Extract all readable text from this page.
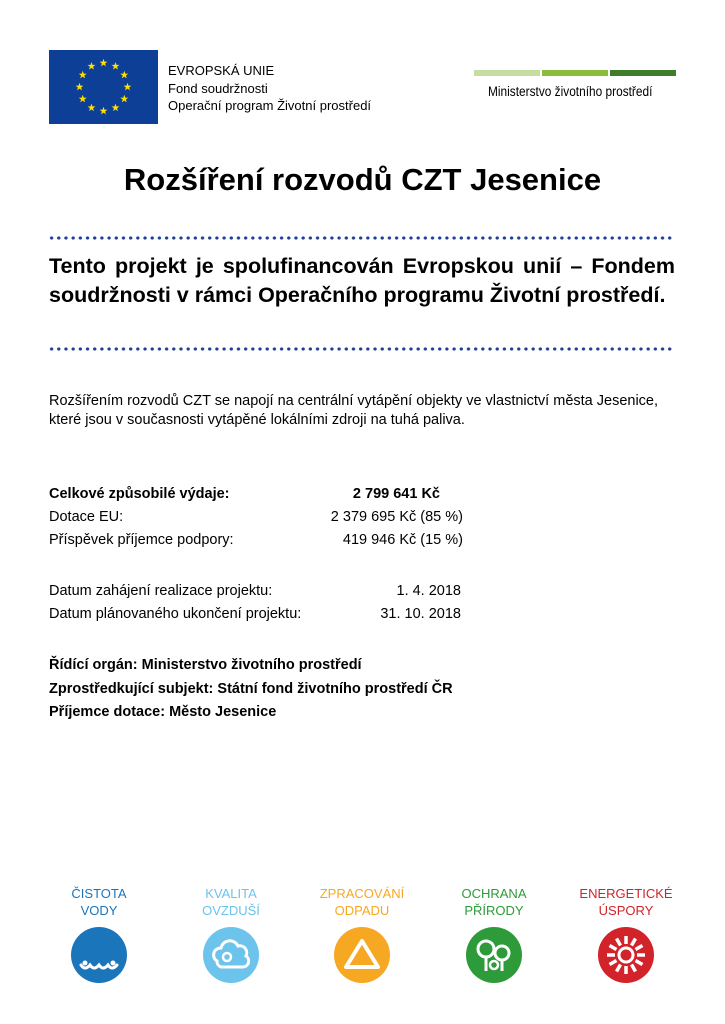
EVROPSKÁ UNIE
Fond soudržnosti
Operační program Životní prostředí
Ministerstvo životního prostředí
Rozšíření rozvodů CZT Jesenice
Tento projekt je spolufinancován Evropskou unií – Fondem soudržnosti v rámci Operačního programu Životní prostředí.
Rozšířením rozvodů CZT se napojí na centrální vytápění objekty ve vlastnictví města Jesenice, které jsou v současnosti vytápěné lokálními zdroji na tuhá paliva.
Celkové způsobilé výdaje:	2 799 641 Kč
Dotace EU:	2 379 695 Kč (85 %)
Příspěvek příjemce podpory:	419 946 Kč (15 %)
Datum zahájení realizace projektu:	1. 4. 2018
Datum plánovaného ukončení projektu:	31. 10. 2018
Řídící orgán: Ministerstvo životního prostředí
Zprostředkující subjekt: Státní fond životního prostředí ČR
Příjemce dotace: Město Jesenice
ČISTOTA
VODY
KVALITA
OVZDUŠÍ
ZPRACOVÁNÍ
ODPADU
OCHRANA
PŘÍRODY
ENERGETICKÉ
ÚSPORY
